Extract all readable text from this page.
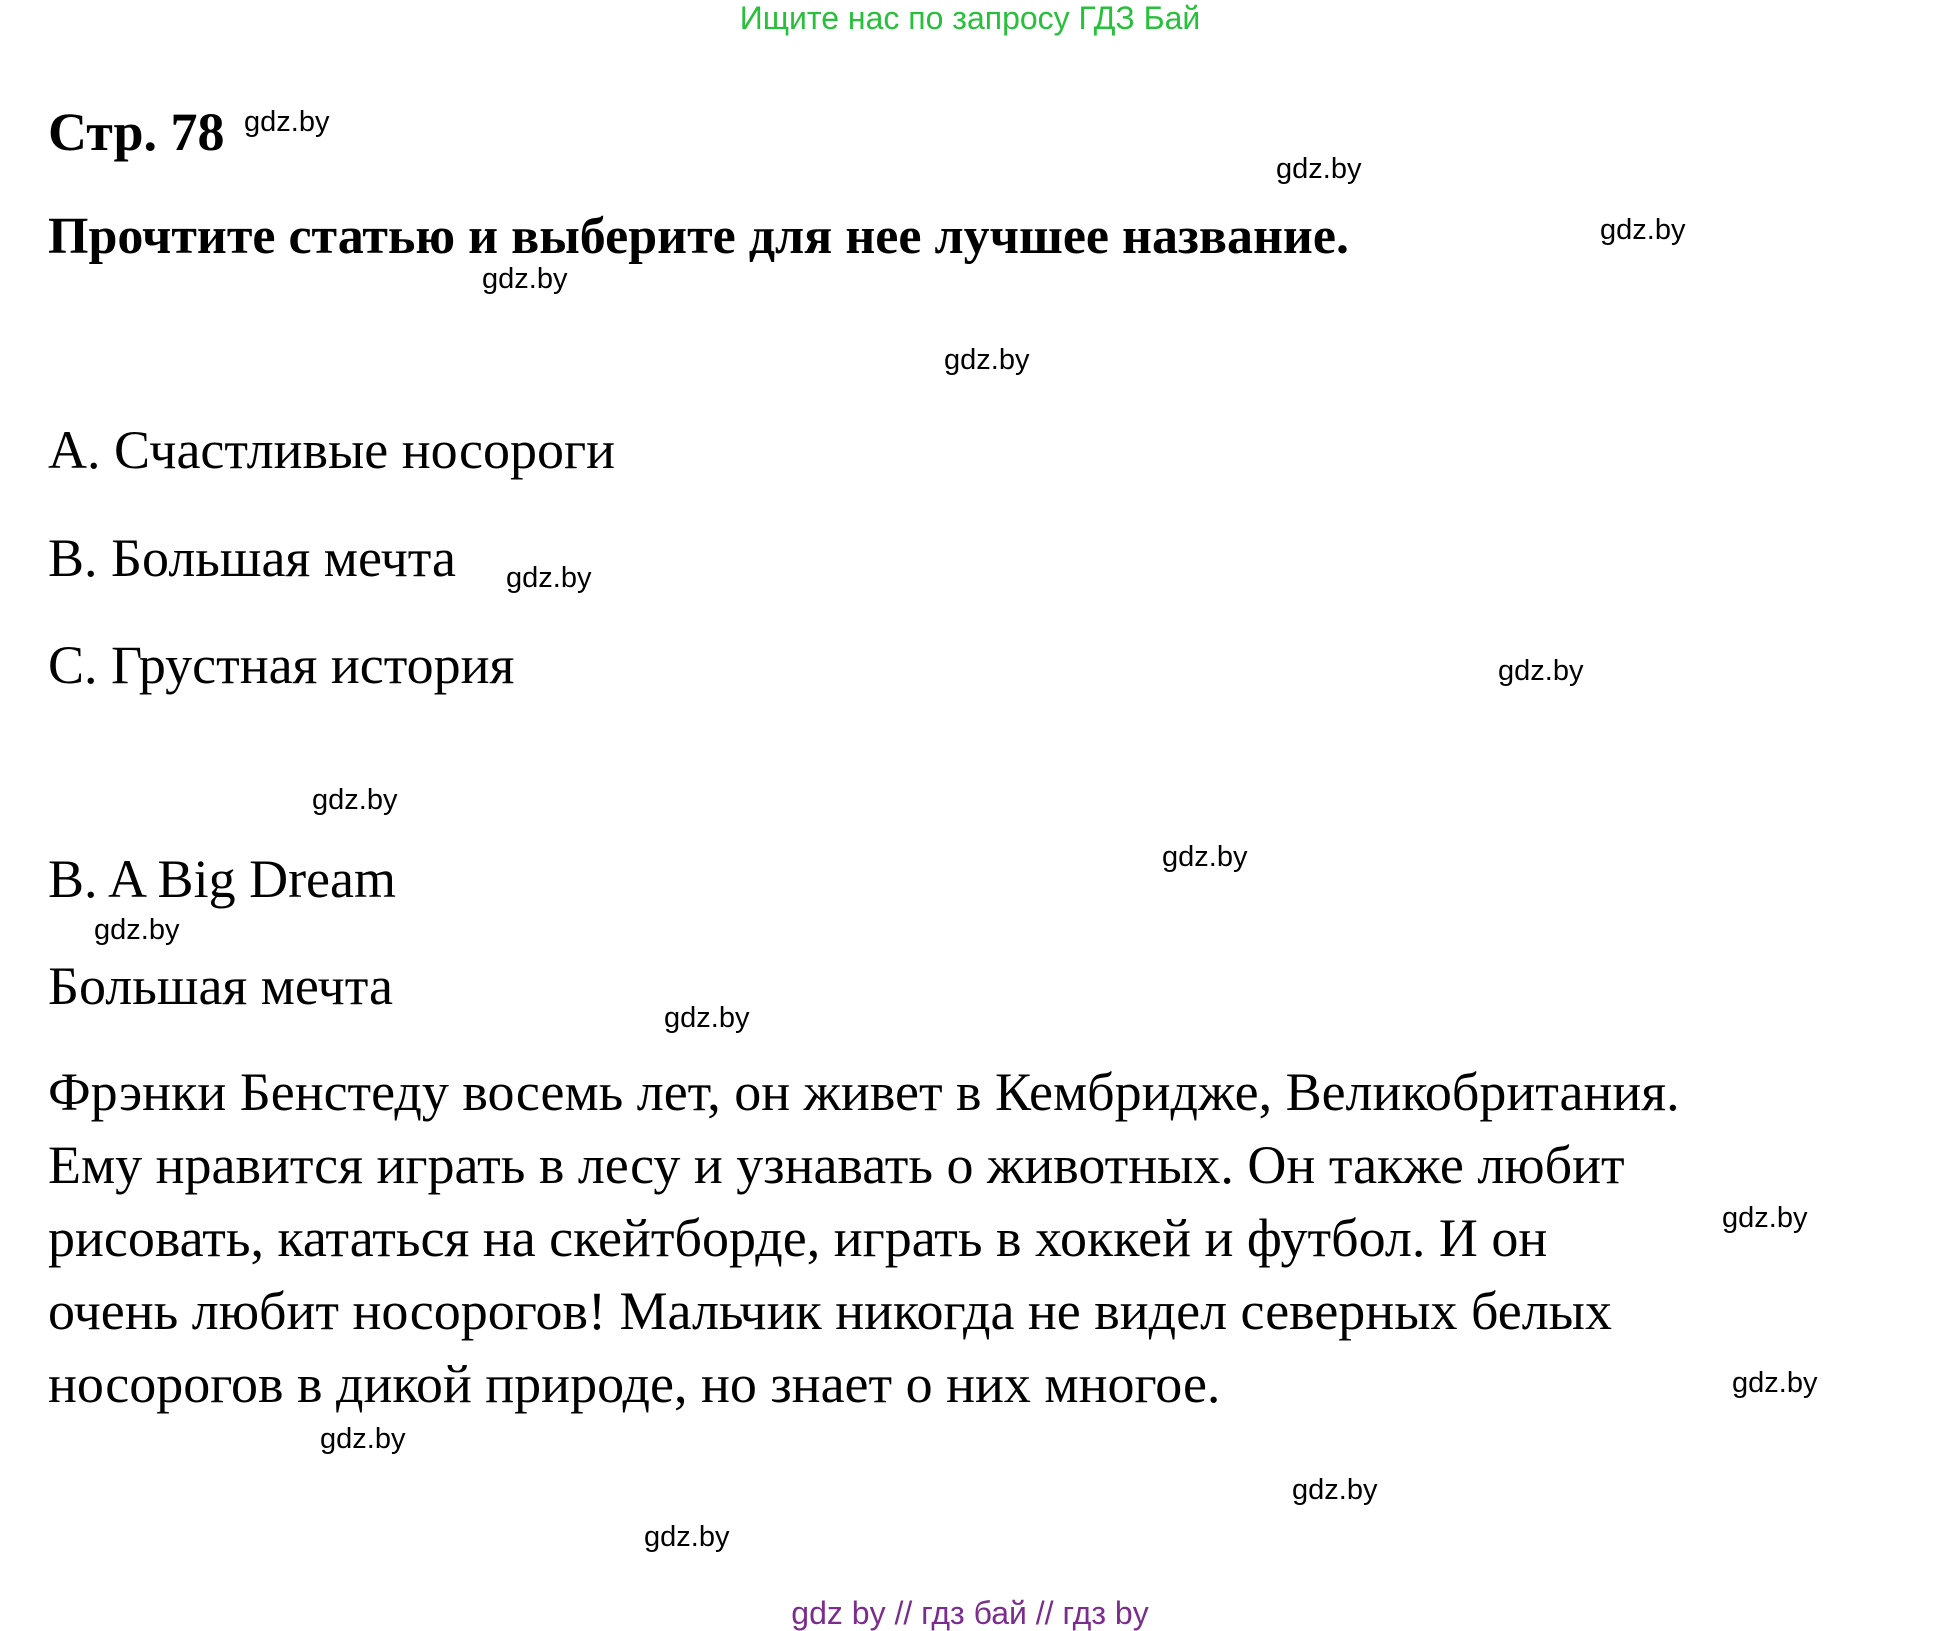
Ищите нас по запросу ГДЗ Бай
Стр. 78
Прочтите статью и выберите для нее лучшее название.
A. Счастливые носороги
B. Большая мечта
C. Грустная история
B. A Big Dream
Большая мечта
Фрэнки Бенстеду восемь лет, он живет в Кембридже, Великобритания.
Ему нравится играть в лесу и узнавать о животных. Он также любит
рисовать, кататься на скейтборде, играть в хоккей и футбол. И он
очень любит носорогов! Мальчик никогда не видел северных белых
носорогов в дикой природе, но знает о них многое.
gdz.by
gdz.by
gdz.by
gdz.by
gdz.by
gdz.by
gdz.by
gdz.by
gdz.by
gdz.by
gdz.by
gdz.by
gdz.by
gdz.by
gdz.by
gdz.by
gdz by // гдз бай // гдз by
